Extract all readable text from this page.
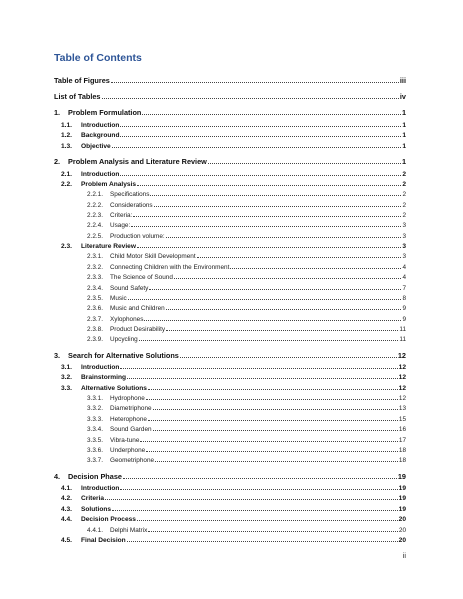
Table of Contents
Table of Figures	iii
List of Tables	iv
1.	Problem Formulation	1
1.1.	Introduction	1
1.2.	Background	1
1.3.	Objective	1
2.	Problem Analysis and Literature Review	1
2.1.	Introduction	2
2.2.	Problem Analysis	2
2.2.1.	Specifications	2
2.2.2.	Considerations	2
2.2.3.	Criteria:	2
2.2.4.	Usage:	3
2.2.5.	Production volume:	3
2.3.	Literature Review	3
2.3.1.	Child Motor Skill Development	3
2.3.2.	Connecting Children with the Environment	4
2.3.3.	The Science of Sound	4
2.3.4.	Sound Safety	7
2.3.5.	Music	8
2.3.6.	Music and Children	9
2.3.7.	Xylophones	9
2.3.8.	Product Desirability	11
2.3.9.	Upcycling	11
3.	Search for Alternative Solutions	12
3.1.	Introduction	12
3.2.	Brainstorming	12
3.3.	Alternative Solutions	12
3.3.1.	Hydrophone	12
3.3.2.	Diametriphone	13
3.3.3.	Heterophone	15
3.3.4.	Sound Garden	16
3.3.5.	Vibra-tune	17
3.3.6.	Underphone	18
3.3.7.	Geometriphone	18
4.	Decision Phase	19
4.1.	Introduction	19
4.2.	Criteria	19
4.3.	Solutions	19
4.4.	Decision Process	20
4.4.1.	Delphi Matrix	20
4.5.	Final Decision	20
ii
